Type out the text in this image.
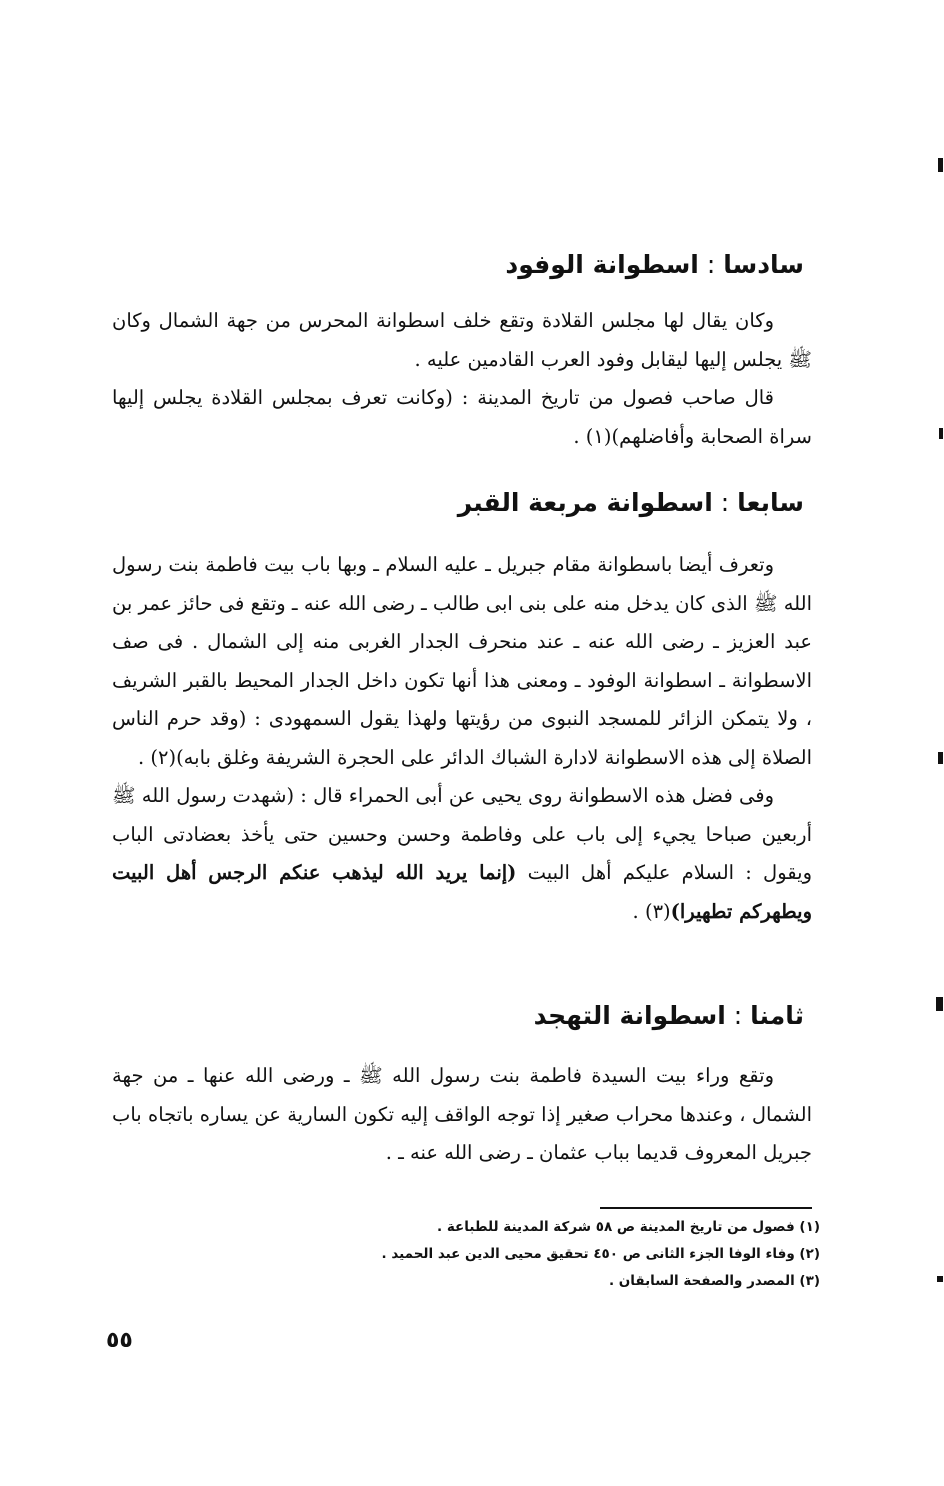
سادسا : اسطوانة الوفود

وكان يقال لها مجلس القلادة وتقع خلف اسطوانة المحرس من جهة الشمال وكان ﷺ يجلس إليها ليقابل وفود العرب القادمين عليه .

قال صاحب فصول من تاريخ المدينة : (وكانت تعرف بمجلس القلادة يجلس إليها سراة الصحابة وأفاضلهم)(١) .

سابعا : اسطوانة مربعة القبر

وتعرف أيضا باسطوانة مقام جبريل ـ عليه السلام ـ وبها باب بيت فاطمة بنت رسول الله ﷺ الذى كان يدخل منه على بنى ابى طالب ـ رضى الله عنه ـ وتقع فى حائز عمر بن عبد العزيز ـ رضى الله عنه ـ عند منحرف الجدار الغربى منه إلى الشمال . فى صف الاسطوانة ـ اسطوانة الوفود ـ ومعنى هذا أنها تكون داخل الجدار المحيط بالقبر الشريف ، ولا يتمكن الزائر للمسجد النبوى من رؤيتها ولهذا يقول السمهودى : (وقد حرم الناس الصلاة إلى هذه الاسطوانة لادارة الشباك الدائر على الحجرة الشريفة وغلق بابه)(٢) .

وفى فضل هذه الاسطوانة روى يحيى عن أبى الحمراء قال : (شهدت رسول الله ﷺ أربعين صباحا يجيء إلى باب على وفاطمة وحسن وحسين حتى يأخذ بعضادتى الباب ويقول : السلام عليكم أهل البيت (إنما يريد الله ليذهب عنكم الرجس أهل البيت ويطهركم تطهيرا)(٣) .

ثامنا : اسطوانة التهجد

وتقع وراء بيت السيدة فاطمة بنت رسول الله ﷺ ـ ورضى الله عنها ـ من جهة الشمال ، وعندها محراب صغير إذا توجه الواقف إليه تكون السارية عن يساره باتجاه باب جبريل المعروف قديما بباب عثمان ـ رضى الله عنه ـ .

(١) فصول من تاريخ المدينة ص ٥٨ شركة المدينة للطباعة .

(٢) وفاء الوفا الجزء الثانى ص ٤٥٠ تحقيق محيى الدين عبد الحميد .

(٣) المصدر والصفحة السابقان .

٥٥
